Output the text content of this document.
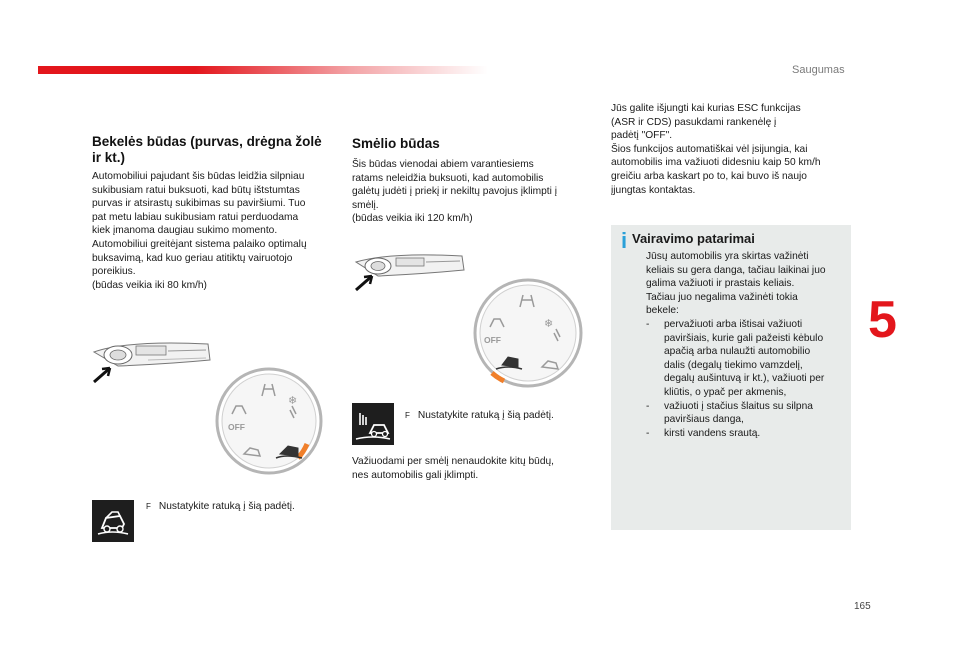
Saugumas
5
165
Bekelės būdas (purvas, drėgna žolė ir kt.)
Automobiliui pajudant šis būdas leidžia silpniau
sukibusiam ratui buksuoti, kad būtų ištstumtas
purvas ir atsirastų sukibimas su paviršiumi. Tuo
pat metu labiau sukibusiam ratui perduodama
kiek įmanoma daugiau sukimo momento.
Automobiliui greitėjant sistema palaiko optimalų
buksavimą, kad kuo geriau atitiktų vairuotojo
poreikius.
(būdas veikia iki 80 km/h)
❄
OFF
F Nustatykite ratuką į šią padėtį.
Smėlio būdas
Šis būdas vienodai abiem varantiesiems
ratams neleidžia buksuoti, kad automobilis
galėtų judėti į priekį ir nekiltų pavojus įklimpti į
smėlį.
(būdas veikia iki 120 km/h)
❄
OFF
F Nustatykite ratuką į šią padėtį.
Važiuodami per smėlį nenaudokite kitų būdų,
nes automobilis gali įklimpti.
Jūs galite išjungti kai kurias ESC funkcijas
(ASR ir CDS) pasukdami rankenėlę į
padėtį "OFF".
Šios funkcijos automatiškai vėl įsijungia, kai
automobilis ima važiuoti didesniu kaip 50 km/h
greičiu arba kaskart po to, kai buvo iš naujo
įjungtas kontaktas.
i Vairavimo patarimai
Jūsų automobilis yra skirtas važinėti
keliais su gera danga, tačiau laikinai juo
galima važiuoti ir prastais keliais.
Tačiau juo negalima važinėti tokia
bekele:
- pervažiuoti arba ištisai važiuoti
paviršiais, kurie gali pažeisti kėbulo
apačią arba nulaužti automobilio
dalis (degalų tiekimo vamzdelį,
degalų aušintuvą ir kt.), važiuoti per
kliūtis, o ypač per akmenis,
- važiuoti į stačius šlaitus su silpna
paviršiaus danga,
- kirsti vandens srautą.
